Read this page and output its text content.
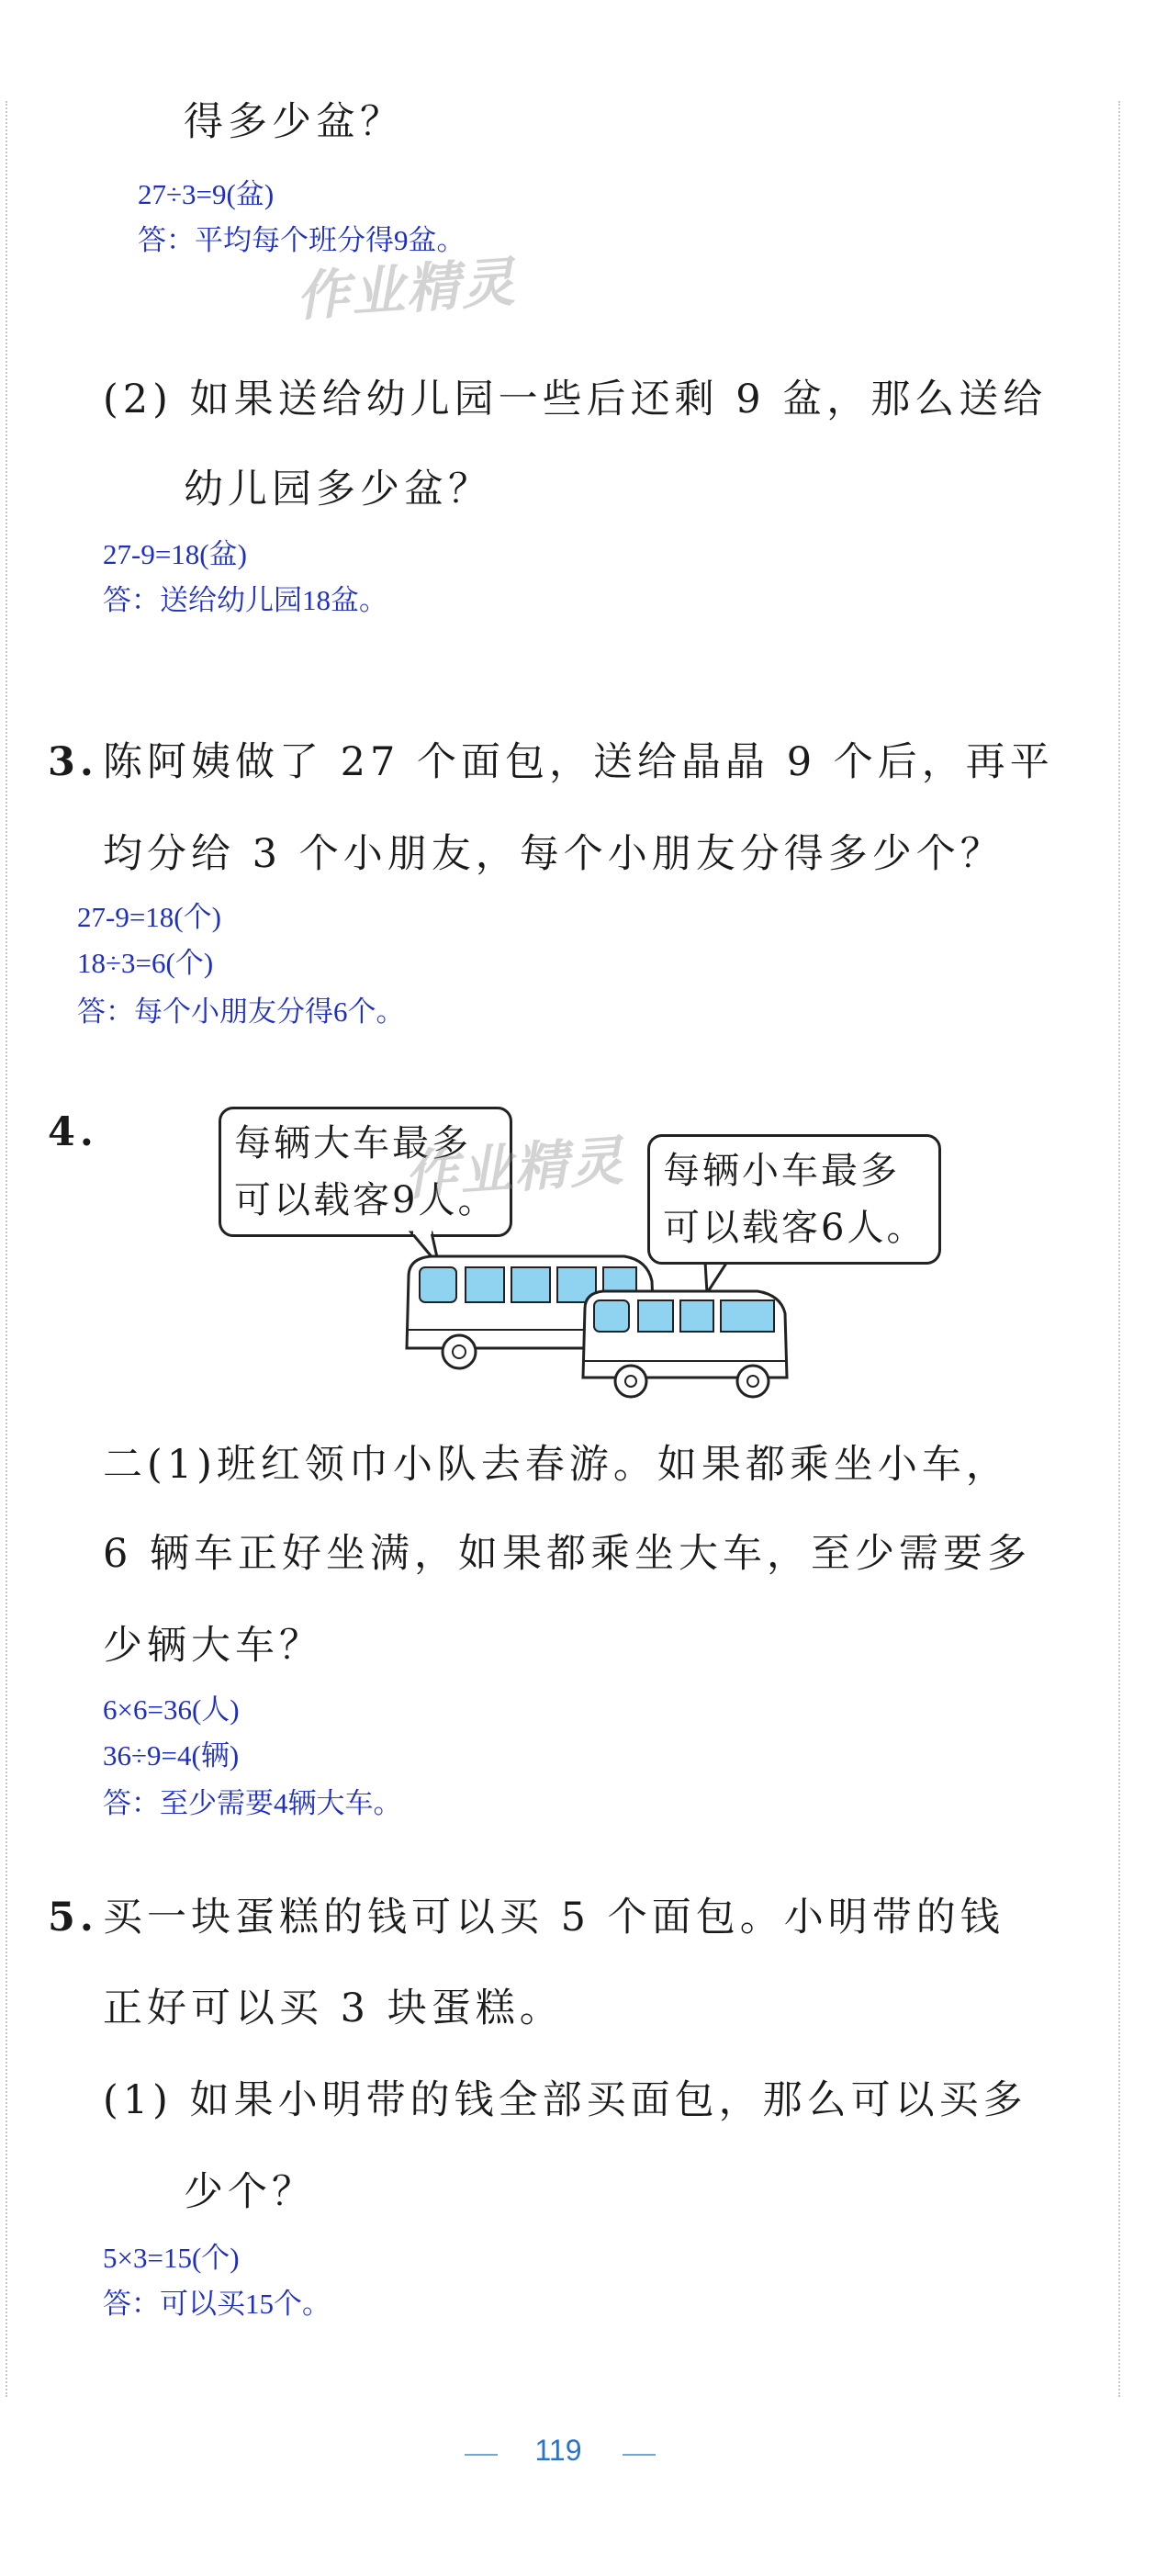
得多少盆？
27÷3=9(盆)
答：平均每个班分得9盆。
作业精灵
(2) 如果送给幼儿园一些后还剩 9 盆，那么送给
幼儿园多少盆？
27-9=18(盆)
答：送给幼儿园18盆。
3. 陈阿姨做了 27 个面包，送给晶晶 9 个后，再平
均分给 3 个小朋友，每个小朋友分得多少个？
27-9=18(个)
18÷3=6(个)
答：每个小朋友分得6个。
4.	每辆大车最多
可以载客9人。
每辆小车最多
可以载客6人。
作业精灵
二(1)班红领巾小队去春游。如果都乘坐小车，
6 辆车正好坐满，如果都乘坐大车，至少需要多
少辆大车？
6×6=36(人)
36÷9=4(辆)
答：至少需要4辆大车。
5. 买一块蛋糕的钱可以买 5 个面包。小明带的钱
正好可以买 3 块蛋糕。
(1) 如果小明带的钱全部买面包，那么可以买多
少个？
5×3=15(个)
答：可以买15个。
119
